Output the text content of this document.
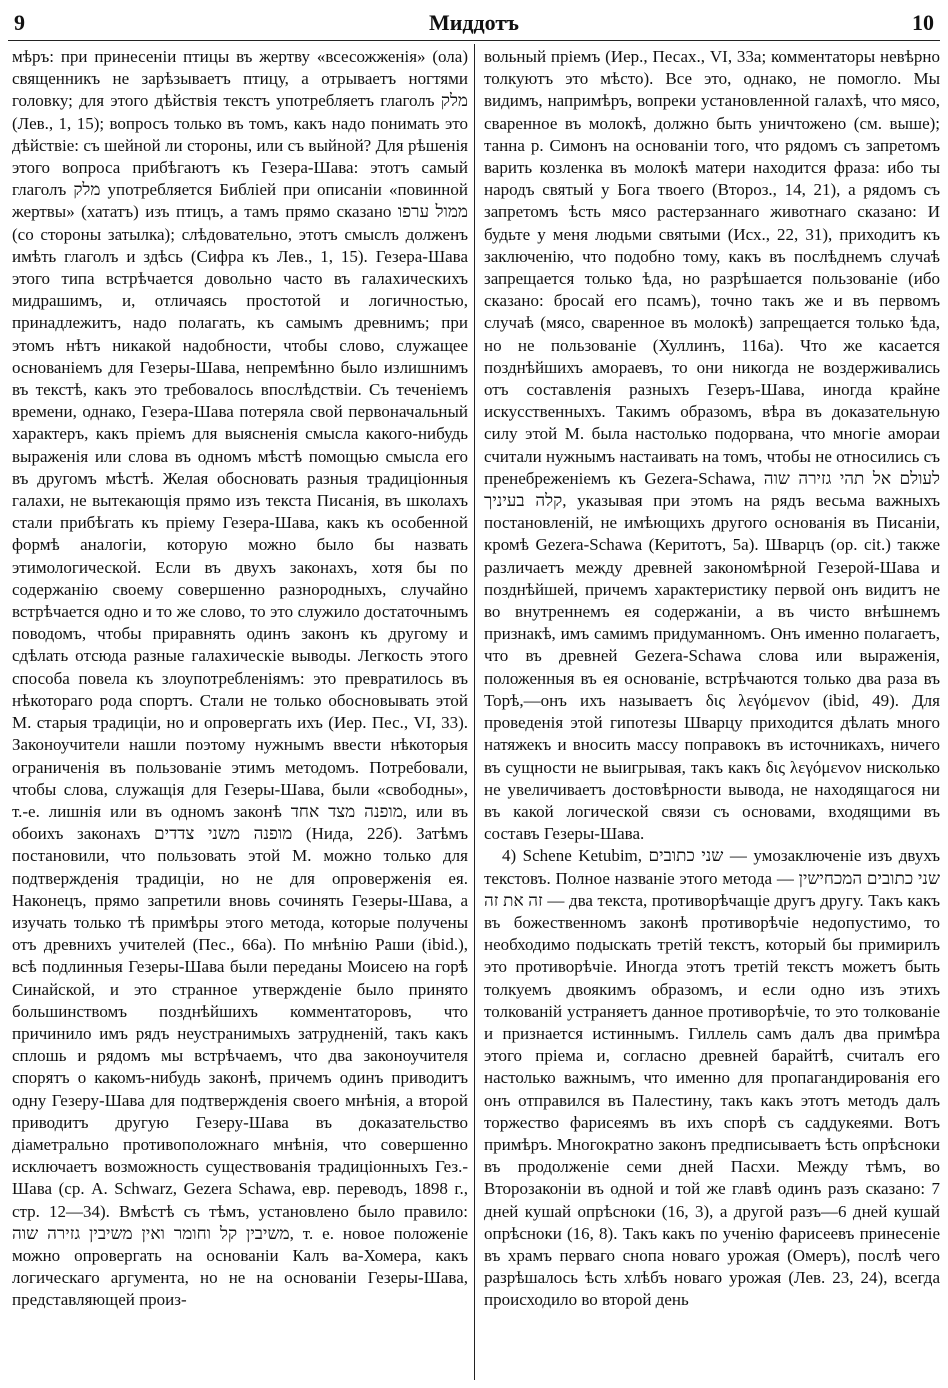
9	Миддотъ	10

мѣръ: при принесеніи птицы въ жертву «всесожженія» (ола) священникъ не зарѣзываетъ птицу, а отрываетъ ногтями головку; для этого дѣйствія текстъ употребляетъ глаголъ מלק (Лев., 1, 15); вопросъ только въ томъ, какъ надо понимать это дѣйствіе: съ шейной ли стороны, или съ выйной? Для рѣшенія этого вопроса прибѣгаютъ къ Гезера-Шава: этотъ самый глаголъ מלק употребляется Библіей при описаніи «повинной жертвы» (хататъ) изъ птицъ, а тамъ прямо сказано ממול ערפו (со стороны затылка); слѣдовательно, этотъ смыслъ долженъ имѣть глаголъ и здѣсь (Сифра къ Лев., 1, 15). Гезера-Шава этого типа встрѣчается довольно часто въ галахическихъ мидрашимъ, и, отличаясь простотой и логичностью, принадлежитъ, надо полагать, къ самымъ древнимъ; при этомъ нѣтъ никакой надобности, чтобы слово, служащее основаніемъ для Гезеры-Шава, непремѣнно было излишнимъ въ текстѣ, какъ это требовалось впослѣдствіи. Съ теченіемъ времени, однако, Гезера-Шава потеряла свой первоначальный характеръ, какъ пріемъ для выясненія смысла какого-нибудь выраженія или слова въ одномъ мѣстѣ помощью смысла его въ другомъ мѣстѣ. Желая обосновать разныя традиціонныя галахи, не вытекающія прямо изъ текста Писанія, въ школахъ стали прибѣгать къ пріему Гезера-Шава, какъ къ особенной формѣ аналогіи, которую можно было бы назвать этимологической. Если въ двухъ законахъ, хотя бы по содержанію своему совершенно разнородныхъ, случайно встрѣчается одно и то же слово, то это служило достаточнымъ поводомъ, чтобы приравнять одинъ законъ къ другому и сдѣлать отсюда разные галахическіе выводы. Легкость этого способа повела къ злоупотребленіямъ: это превратилось въ нѣкотораго рода спортъ. Стали не только обосновывать этой М. старыя традиціи, но и опровергать ихъ (Иер. Пес., VI, 33). Законоучители нашли поэтому нужнымъ ввести нѣкоторыя ограниченія въ пользованіе этимъ методомъ. Потребовали, чтобы слова, служащія для Гезеры-Шава, были «свободны», т.-е. лишнія или въ одномъ законѣ מופנה מצד אחד, или въ обоихъ законахъ מופנה משני צדדים (Нида, 22б). Затѣмъ постановили, что пользовать этой М. можно только для подтвержденія традиціи, но не для опроверженія ея. Наконецъ, прямо запретили вновь сочинять Гезеры-Шава, а изучать только тѣ примѣры этого метода, которые получены отъ древнихъ учителей (Пес., 66а). По мнѣнію Раши (ibid.), всѣ подлинныя Гезеры-Шава были переданы Моисею на горѣ Синайской, и это странное утвержденіе было принято большинствомъ позднѣйшихъ комментаторовъ, что причинило имъ рядъ неустранимыхъ затрудненій, такъ какъ сплошь и рядомъ мы встрѣчаемъ, что два законоучителя спорятъ о какомъ-нибудь законѣ, причемъ одинъ приводитъ одну Гезеру-Шава для подтвержденія своего мнѣнія, а второй приводитъ другую Гезеру-Шава въ доказательство діаметрально противоположнаго мнѣнія, что совершенно исключаетъ возможность существованія традиціонныхъ Гез.-Шава (ср. A. Schwarz, Gezera Schawa, евр. переводъ, 1898 г., стр. 12—34). Вмѣстѣ съ тѣмъ, установлено было правило: משיבין קל וחומר ואין משיבין גזירה שוה, т. е. новое положеніе можно опровергать на основаніи Калъ ва-Хомера, какъ логическаго аргумента, но не на основаніи Гезеры-Шава, представляющей произ-

вольный пріемъ (Иер., Песах., VI, 33а; комментаторы невѣрно толкуютъ это мѣсто). Все это, однако, не помогло. Мы видимъ, напримѣръ, вопреки установленной галахѣ, что мясо, сваренное въ молокѣ, должно быть уничтожено (см. выше); танна р. Симонъ на основаніи того, что рядомъ съ запретомъ варить козленка въ молокѣ матери находится фраза: ибо ты народъ святый у Бога твоего (Второз., 14, 21), а рядомъ съ запретомъ ѣсть мясо растерзаннаго животнаго сказано: И будьте у меня людьми святыми (Исх., 22, 31), приходитъ къ заключенію, что подобно тому, какъ въ послѣднемъ случаѣ запрещается только ѣда, но разрѣшается пользованіе (ибо сказано: бросай его псамъ), точно такъ же и въ первомъ случаѣ (мясо, сваренное въ молокѣ) запрещается только ѣда, но не пользованіе (Хуллинъ, 116а). Что же касается позднѣйшихъ амораевъ, то они никогда не воздерживались отъ составленія разныхъ Гезеръ-Шава, иногда крайне искусственныхъ. Такимъ образомъ, вѣра въ доказательную силу этой М. была настолько подорвана, что многіе амораи считали нужнымъ настаивать на томъ, чтобы не относились съ пренебреженіемъ къ Gezera-Schawa, לעולם אל תהי גזירה שוה קלה בעיניך, указывая при этомъ на рядъ весьма важныхъ постановленій, не имѣющихъ другого основанія въ Писаніи, кромѣ Gezera-Schawa (Керитотъ, 5а). Шварцъ (op. cit.) также различаетъ между древней закономѣрной Гезерой-Шава и позднѣйшей, причемъ характеристику первой онъ видитъ не во внутреннемъ ея содержаніи, а въ чисто внѣшнемъ признакѣ, имъ самимъ придуманномъ. Онъ именно полагаетъ, что въ древней Gezera-Schawa слова или выраженія, положенныя въ ея основаніе, встрѣчаются только два раза въ Торѣ,—онъ ихъ называетъ δις λεγόμενον (ibid, 49). Для проведенія этой гипотезы Шварцу приходится дѣлать много натяжекъ и вносить массу поправокъ въ источникахъ, ничего въ сущности не выигрывая, такъ какъ δις λεγόμενον нисколько не увеличиваетъ достовѣрности вывода, не находящагося ни въ какой логической связи съ основами, входящими въ составъ Гезеры-Шава.

4) Schene Ketubim, שני כתובים — умозаключеніе изъ двухъ текстовъ. Полное названіе этого метода — שני כתובים המכחישין זה את זה — два текста, противорѣчащіе другъ другу. Такъ какъ въ божественномъ законѣ противорѣчіе недопустимо, то необходимо подыскать третій текстъ, который бы примирилъ это противорѣчіе. Иногда этотъ третій текстъ можетъ быть толкуемъ двоякимъ образомъ, и если одно изъ этихъ толкованій устраняетъ данное противорѣчіе, то это толкованіе и признается истиннымъ. Гиллель самъ далъ два примѣра этого пріема и, согласно древней барайтѣ, считалъ его настолько важнымъ, что именно для пропагандированія его онъ отправился въ Палестину, такъ какъ этотъ методъ далъ торжество фарисеямъ въ ихъ спорѣ съ саддукеями. Вотъ примѣръ. Многократно законъ предписываетъ ѣсть опрѣсноки въ продолженіе семи дней Пасхи. Между тѣмъ, во Второзаконіи въ одной и той же главѣ одинъ разъ сказано: 7 дней кушай опрѣсноки (16, 3), а другой разъ—6 дней кушай опрѣсноки (16, 8). Такъ какъ по ученію фарисеевъ принесеніе въ храмъ перваго снопа новаго урожая (Омеръ), послѣ чего разрѣшалось ѣсть хлѣбъ новаго урожая (Лев. 23, 24), всегда происходило во второй день
